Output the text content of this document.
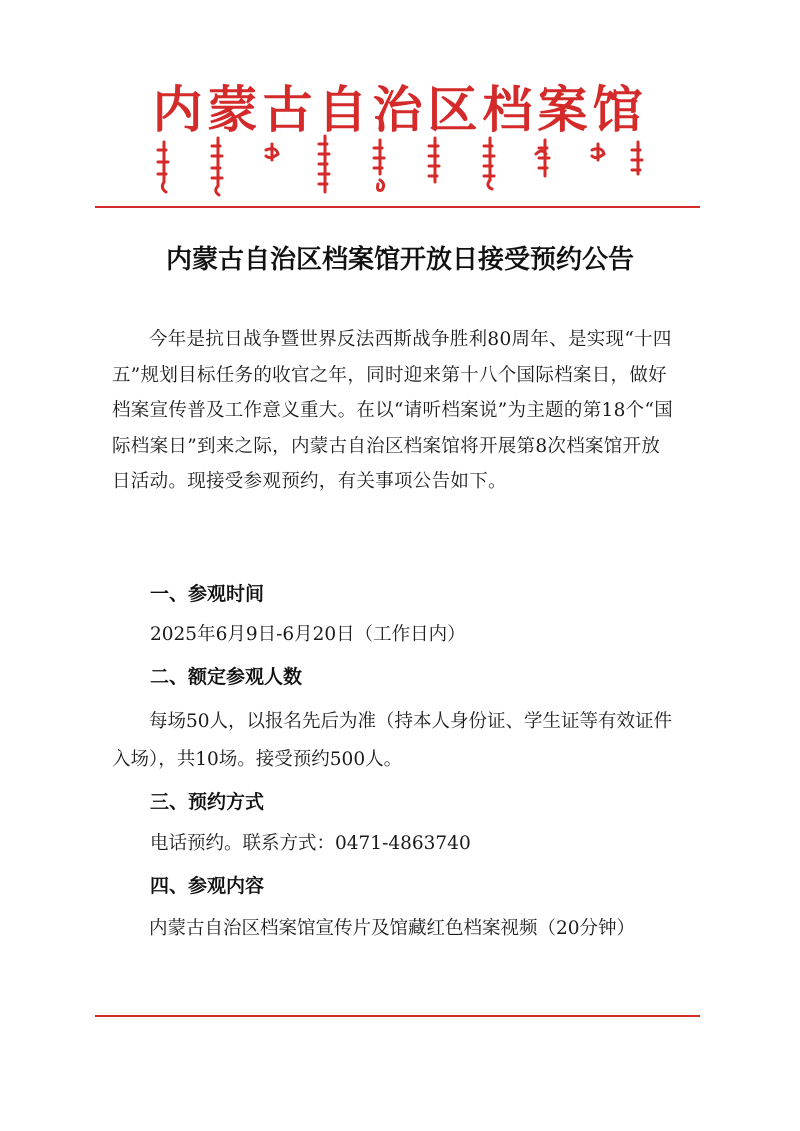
内蒙古自治区档案馆
内蒙古自治区档案馆开放日接受预约公告
今年是抗日战争暨世界反法西斯战争胜利80周年、是实现“十四五”规划目标任务的收官之年，同时迎来第十八个国际档案日，做好档案宣传普及工作意义重大。在以“请听档案说”为主题的第18个“国际档案日”到来之际，内蒙古自治区档案馆将开展第8次档案馆开放日活动。现接受参观预约，有关事项公告如下。
一、参观时间
2025年6月9日-6月20日（工作日内）
二、额定参观人数
每场50人，以报名先后为准（持本人身份证、学生证等有效证件入场），共10场。接受预约500人。
三、预约方式
电话预约。联系方式：0471-4863740
四、参观内容
内蒙古自治区档案馆宣传片及馆藏红色档案视频（20分钟）
